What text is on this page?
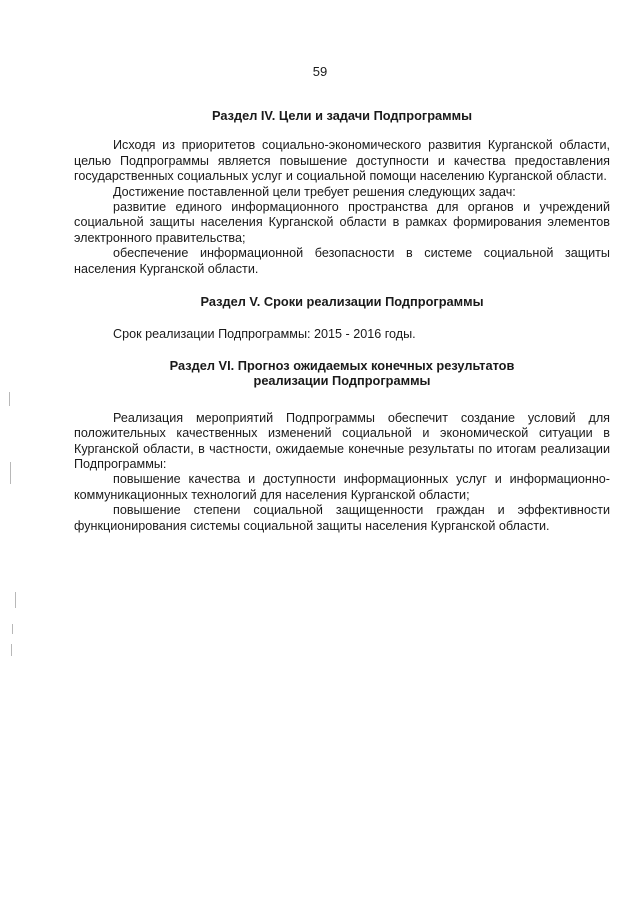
59
Раздел IV. Цели и задачи Подпрограммы

Исходя из приоритетов социально-экономического развития Курганской области, целью Подпрограммы является повышение доступности и качества предоставления государственных социальных услуг и социальной помощи населению Курганской области.

Достижение поставленной цели требует решения следующих задач:

развитие единого информационного пространства для органов и учреждений социальной защиты населения Курганской области в рамках формирования элементов электронного правительства;

обеспечение информационной безопасности в системе социальной защиты населения Курганской области.

Раздел V. Сроки реализации Подпрограммы

Срок реализации Подпрограммы: 2015 - 2016 годы.

Раздел VI. Прогноз ожидаемых конечных результатов
реализации Подпрограммы

Реализация мероприятий Подпрограммы обеспечит создание условий для положительных качественных изменений социальной и экономической ситуации в Курганской области, в частности, ожидаемые конечные результаты по итогам реализации Подпрограммы:

повышение качества и доступности информационных услуг и информационно-коммуникационных технологий для населения Курганской области;

повышение степени социальной защищенности граждан и эффективности функционирования системы социальной защиты населения Курганской области.
